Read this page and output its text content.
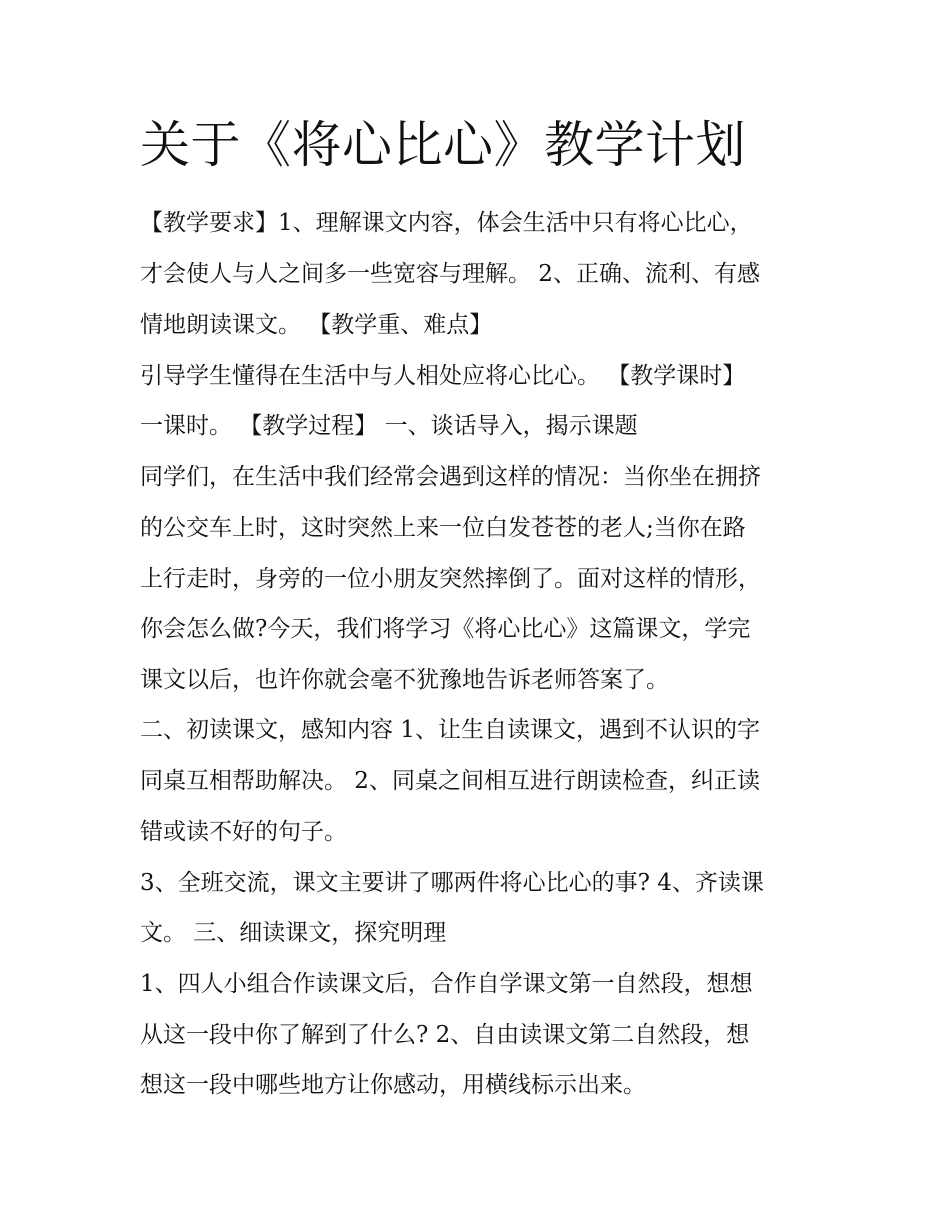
关于《将心比心》教学计划

【教学要求】1、理解课文内容，体会生活中只有将心比心，

才会使人与人之间多一些宽容与理解。 2、正确、流利、有感

情地朗读课文。 【教学重、难点】

引导学生懂得在生活中与人相处应将心比心。 【教学课时】

一课时。 【教学过程】 一、谈话导入，揭示课题

同学们，在生活中我们经常会遇到这样的情况：当你坐在拥挤

的公交车上时，这时突然上来一位白发苍苍的老人;当你在路

上行走时，身旁的一位小朋友突然摔倒了。面对这样的情形，

你会怎么做?今天，我们将学习《将心比心》这篇课文，学完

课文以后，也许你就会毫不犹豫地告诉老师答案了。

二、初读课文，感知内容 1、让生自读课文，遇到不认识的字

同桌互相帮助解决。 2、同桌之间相互进行朗读检查，纠正读

错或读不好的句子。

3、全班交流，课文主要讲了哪两件将心比心的事? 4、齐读课

文。 三、细读课文，探究明理

1、四人小组合作读课文后，合作自学课文第一自然段，想想

从这一段中你了解到了什么? 2、自由读课文第二自然段，想

想这一段中哪些地方让你感动，用横线标示出来。
